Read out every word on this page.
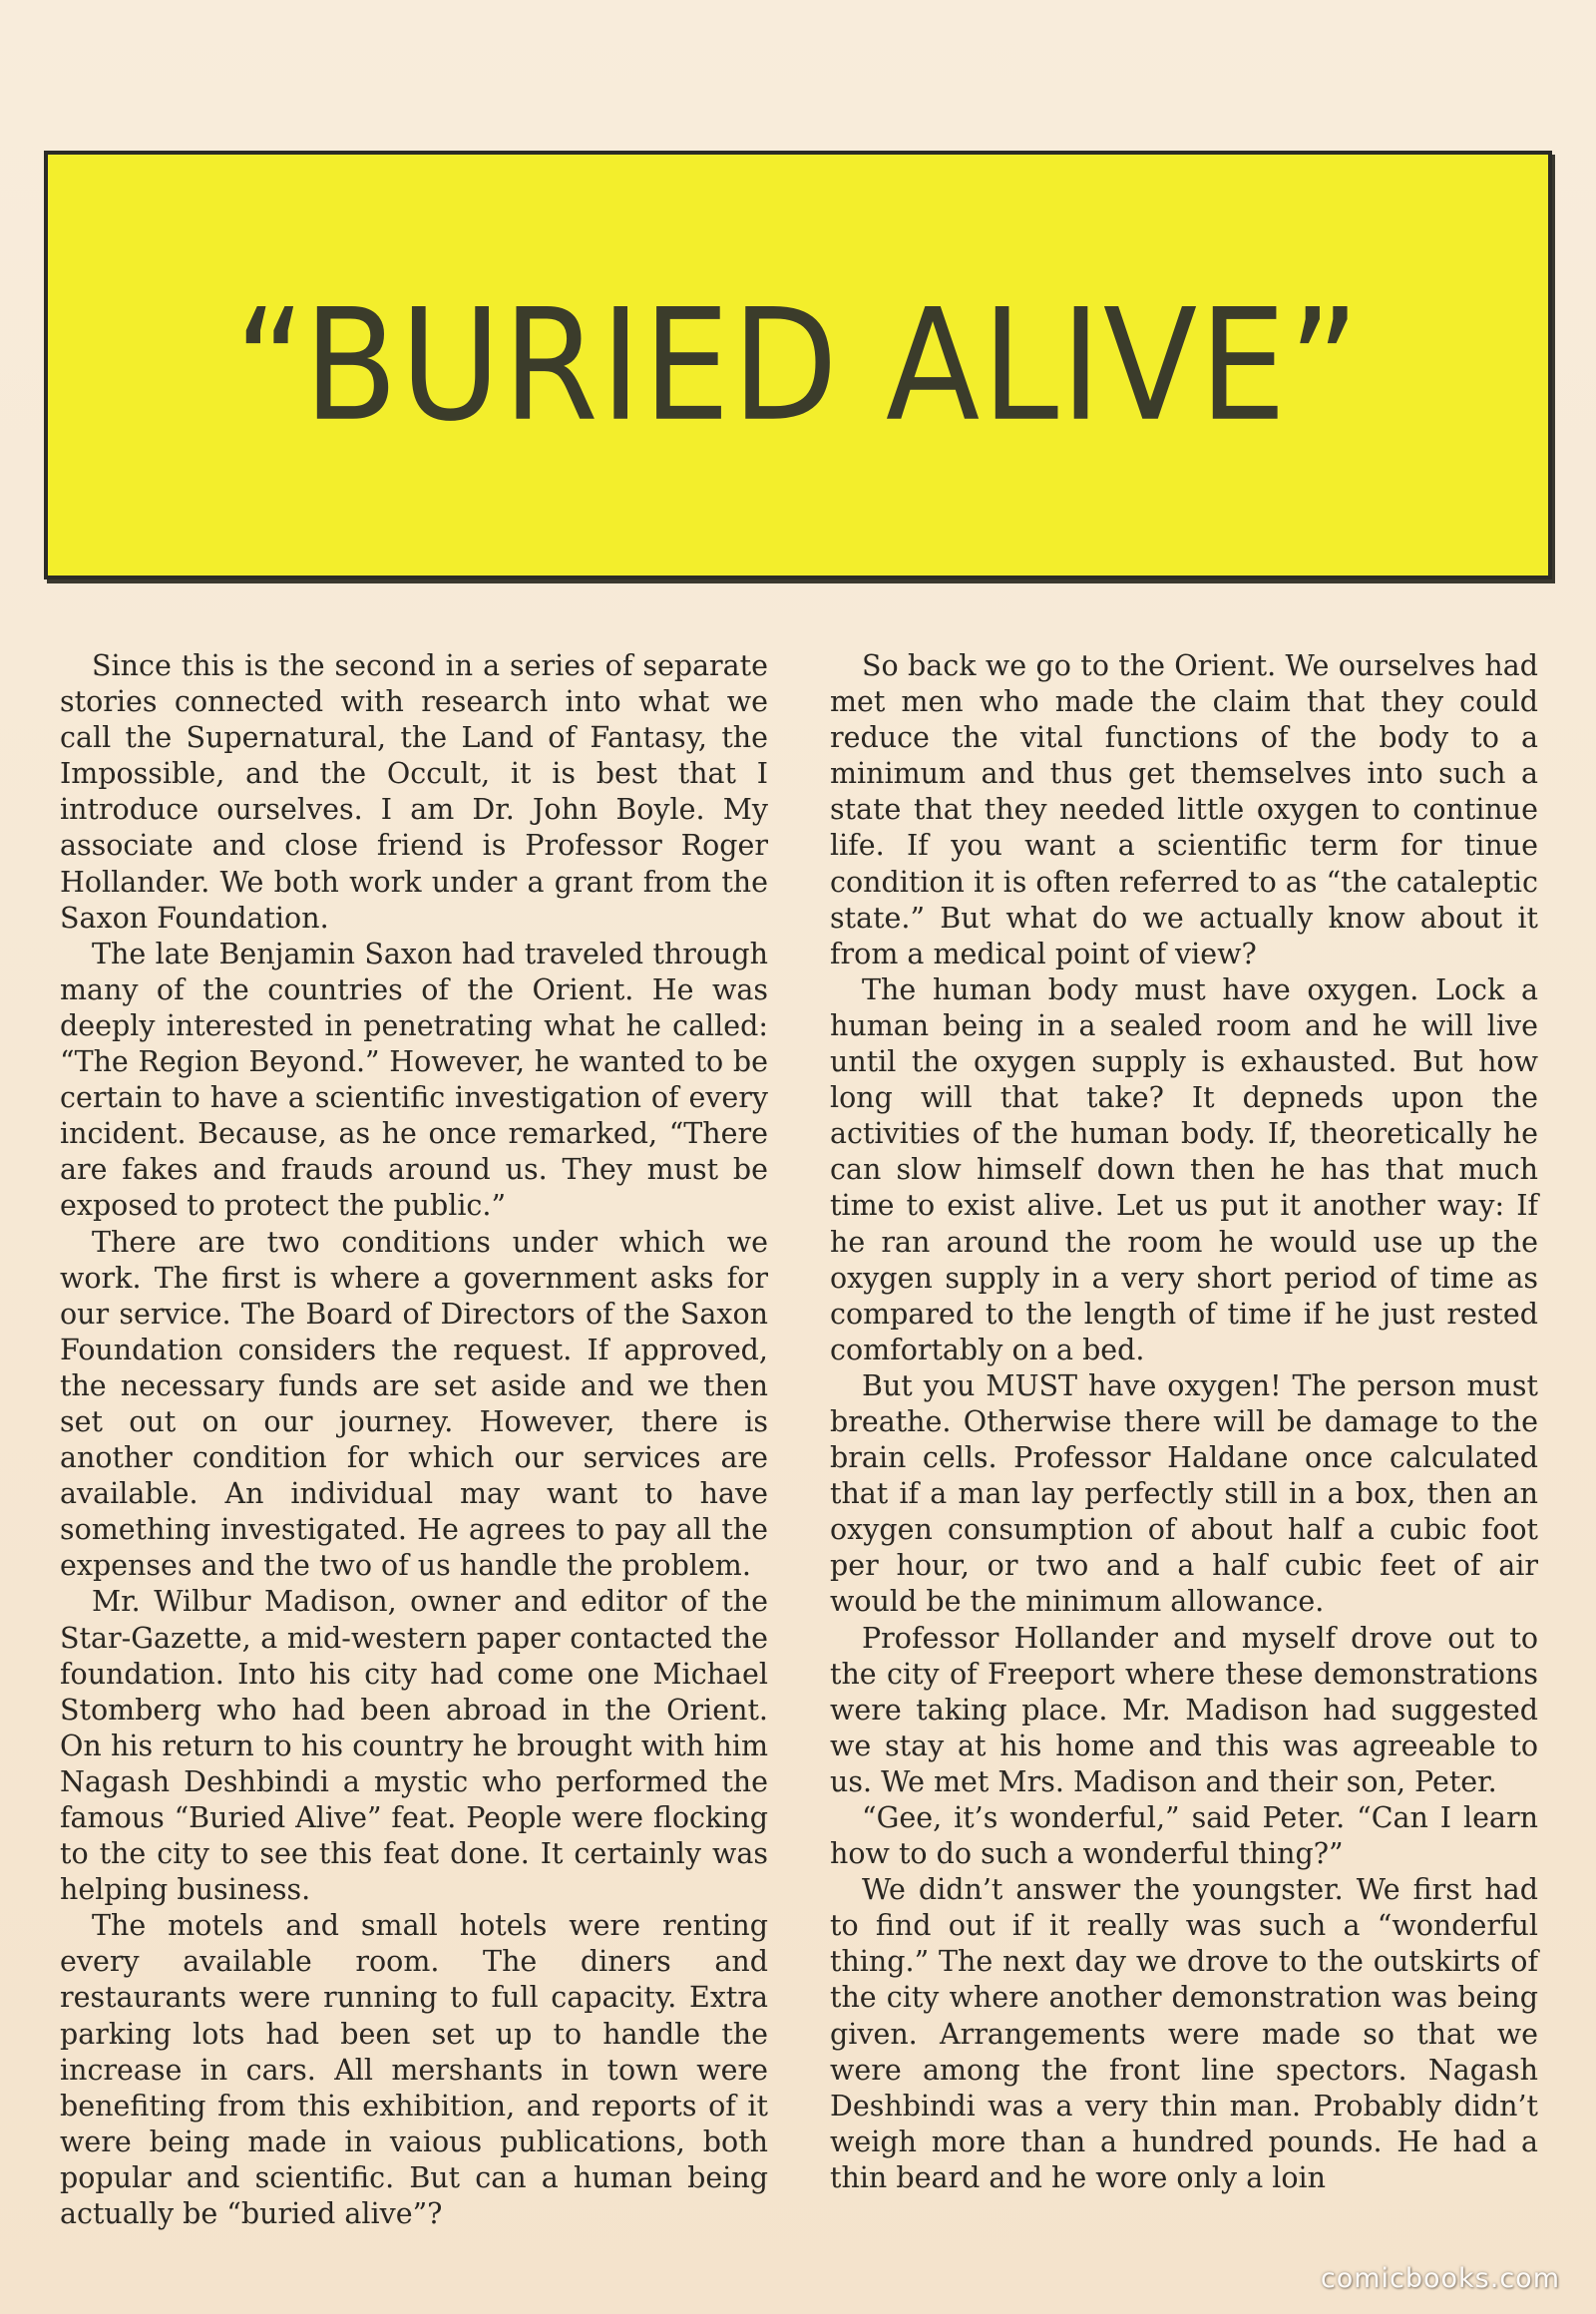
“BURIED ALIVE”

Since this is the second in a series of separate stories connected with research into what we call the Supernatural, the Land of Fantasy, the Impossible, and the Occult, it is best that I introduce ourselves. I am Dr. John Boyle. My associate and close friend is Professor Roger Hollander. We both work under a grant from the Saxon Foundation.

The late Benjamin Saxon had traveled through many of the countries of the Orient. He was deeply interested in penetrating what he called: “The Region Beyond.” However, he wanted to be certain to have a scientific investigation of every incident. Because, as he once remarked, “There are fakes and frauds around us. They must be exposed to protect the public.”

There are two conditions under which we work. The first is where a government asks for our service. The Board of Directors of the Saxon Foundation considers the request. If approved, the necessary funds are set aside and we then set out on our journey. However, there is another condition for which our services are available. An individual may want to have something investigated. He agrees to pay all the expenses and the two of us handle the problem.

Mr. Wilbur Madison, owner and editor of the Star-Gazette, a mid-western paper contacted the foundation. Into his city had come one Michael Stomberg who had been abroad in the Orient. On his return to his country he brought with him Nagash Deshbindi a mystic who performed the famous “Buried Alive” feat. People were flocking to the city to see this feat done. It certainly was helping business.

The motels and small hotels were renting every available room. The diners and restaurants were running to full capacity. Extra parking lots had been set up to handle the increase in cars. All mershants in town were benefiting from this exhibition, and reports of it were being made in vaious publications, both popular and scientific. But can a human being actually be “buried alive”?

So back we go to the Orient. We ourselves had met men who made the claim that they could reduce the vital functions of the body to a minimum and thus get themselves into such a state that they needed little oxygen to continue life. If you want a scientific term for tinue condition it is often referred to as “the cataleptic state.” But what do we actually know about it from a medical point of view?

The human body must have oxygen. Lock a human being in a sealed room and he will live until the oxygen supply is exhausted. But how long will that take? It depneds upon the activities of the human body. If, theoretically he can slow himself down then he has that much time to exist alive. Let us put it another way: If he ran around the room he would use up the oxygen supply in a very short period of time as compared to the length of time if he just rested comfortably on a bed.

But you MUST have oxygen! The person must breathe. Otherwise there will be damage to the brain cells. Professor Haldane once calculated that if a man lay perfectly still in a box, then an oxygen consumption of about half a cubic foot per hour, or two and a half cubic feet of air would be the minimum allowance.

Professor Hollander and myself drove out to the city of Freeport where these demonstrations were taking place. Mr. Madison had suggested we stay at his home and this was agreeable to us. We met Mrs. Madison and their son, Peter.

“Gee, it’s wonderful,” said Peter. “Can I learn how to do such a wonderful thing?”

We didn’t answer the youngster. We first had to find out if it really was such a “wonderful thing.” The next day we drove to the outskirts of the city where another demonstration was being given. Arrangements were made so that we were among the front line spectors. Nagash Deshbindi was a very thin man. Probably didn’t weigh more than a hundred pounds. He had a thin beard and he wore only a loin

comicbooks.com
